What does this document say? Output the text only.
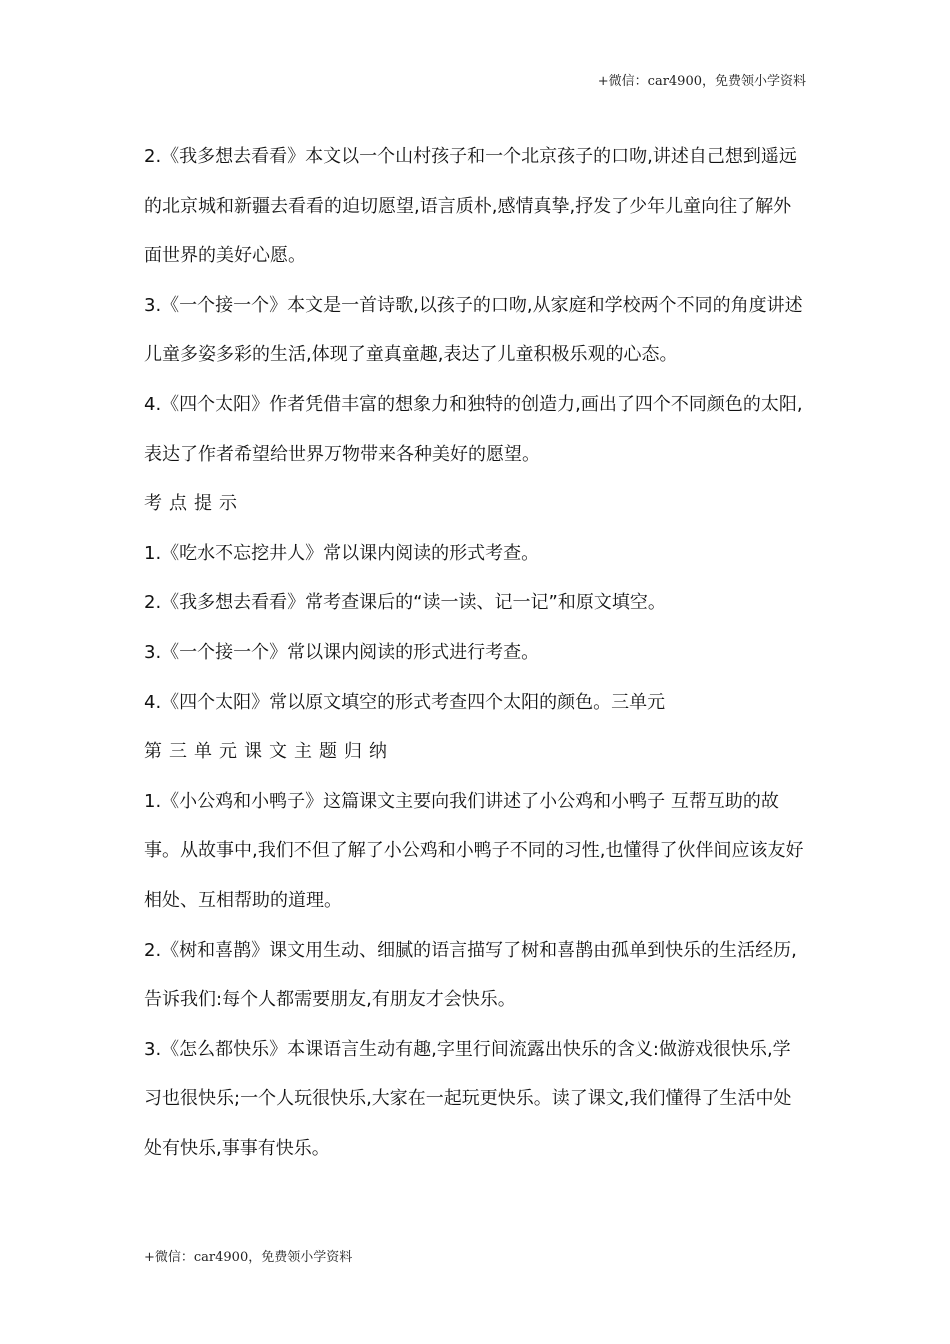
+微信：car4900，免费领小学资料

2.《我多想去看看》本文以一个山村孩子和一个北京孩子的口吻,讲述自己想到遥远的北京城和新疆去看看的迫切愿望,语言质朴,感情真挚,抒发了少年儿童向往了解外面世界的美好心愿。

3.《一个接一个》本文是一首诗歌,以孩子的口吻,从家庭和学校两个不同的角度讲述儿童多姿多彩的生活,体现了童真童趣,表达了儿童积极乐观的心态。

4.《四个太阳》作者凭借丰富的想象力和独特的创造力,画出了四个不同颜色的太阳,表达了作者希望给世界万物带来各种美好的愿望。

考点提示

1.《吃水不忘挖井人》常以课内阅读的形式考查。

2.《我多想去看看》常考查课后的“读一读、记一记”和原文填空。

3.《一个接一个》常以课内阅读的形式进行考查。

4.《四个太阳》常以原文填空的形式考查四个太阳的颜色。三单元

第三单元课文主题归纳

1.《小公鸡和小鸭子》这篇课文主要向我们讲述了小公鸡和小鸭子 互帮互助的故事。从故事中,我们不但了解了小公鸡和小鸭子不同的习性,也懂得了伙伴间应该友好相处、互相帮助的道理。

2.《树和喜鹊》课文用生动、细腻的语言描写了树和喜鹊由孤单到快乐的生活经历,告诉我们:每个人都需要朋友,有朋友才会快乐。

3.《怎么都快乐》本课语言生动有趣,字里行间流露出快乐的含义:做游戏很快乐,学习也很快乐;一个人玩很快乐,大家在一起玩更快乐。读了课文,我们懂得了生活中处处有快乐,事事有快乐。

+微信：car4900，免费领小学资料
